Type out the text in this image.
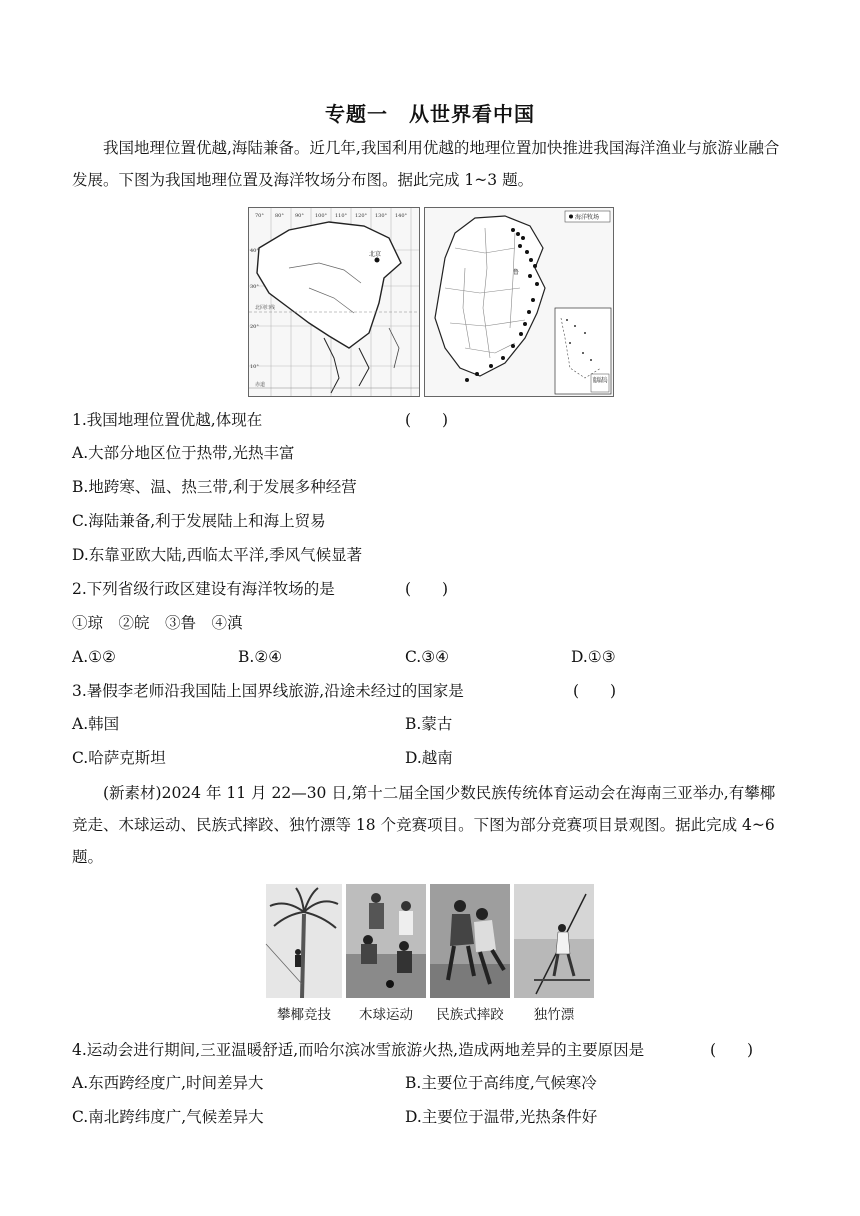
专题一　从世界看中国
我国地理位置优越,海陆兼备。近几年,我国利用优越的地理位置加快推进我国海洋渔业与旅游业融合发展。下图为我国地理位置及海洋牧场分布图。据此完成 1~3 题。
70° 80° 90° 100° 110° 120° 130° 140°
40°
30°
20°
10°
北京
北回归线
赤道
海洋牧场
鲁
南海诸岛
1.我国地理位置优越,体现在	(　　)
A.大部分地区位于热带,光热丰富
B.地跨寒、温、热三带,利于发展多种经营
C.海陆兼备,利于发展陆上和海上贸易
D.东靠亚欧大陆,西临太平洋,季风气候显著
2.下列省级行政区建设有海洋牧场的是	(　　)
①琼　②皖　③鲁　④滇
A.①②	B.②④	C.③④	D.①③
3.暑假李老师沿我国陆上国界线旅游,沿途未经过的国家是	(　　)
A.韩国	B.蒙古
C.哈萨克斯坦	D.越南
(新素材)2024 年 11 月 22—30 日,第十二届全国少数民族传统体育运动会在海南三亚举办,有攀椰竞走、木球运动、民族式摔跤、独竹漂等 18 个竞赛项目。下图为部分竞赛项目景观图。据此完成 4~6 题。
攀椰竞技	木球运动	民族式摔跤	独竹漂
4.运动会进行期间,三亚温暖舒适,而哈尔滨冰雪旅游火热,造成两地差异的主要原因是	(　　)
A.东西跨经度广,时间差异大	B.主要位于高纬度,气候寒冷
C.南北跨纬度广,气候差异大	D.主要位于温带,光热条件好
